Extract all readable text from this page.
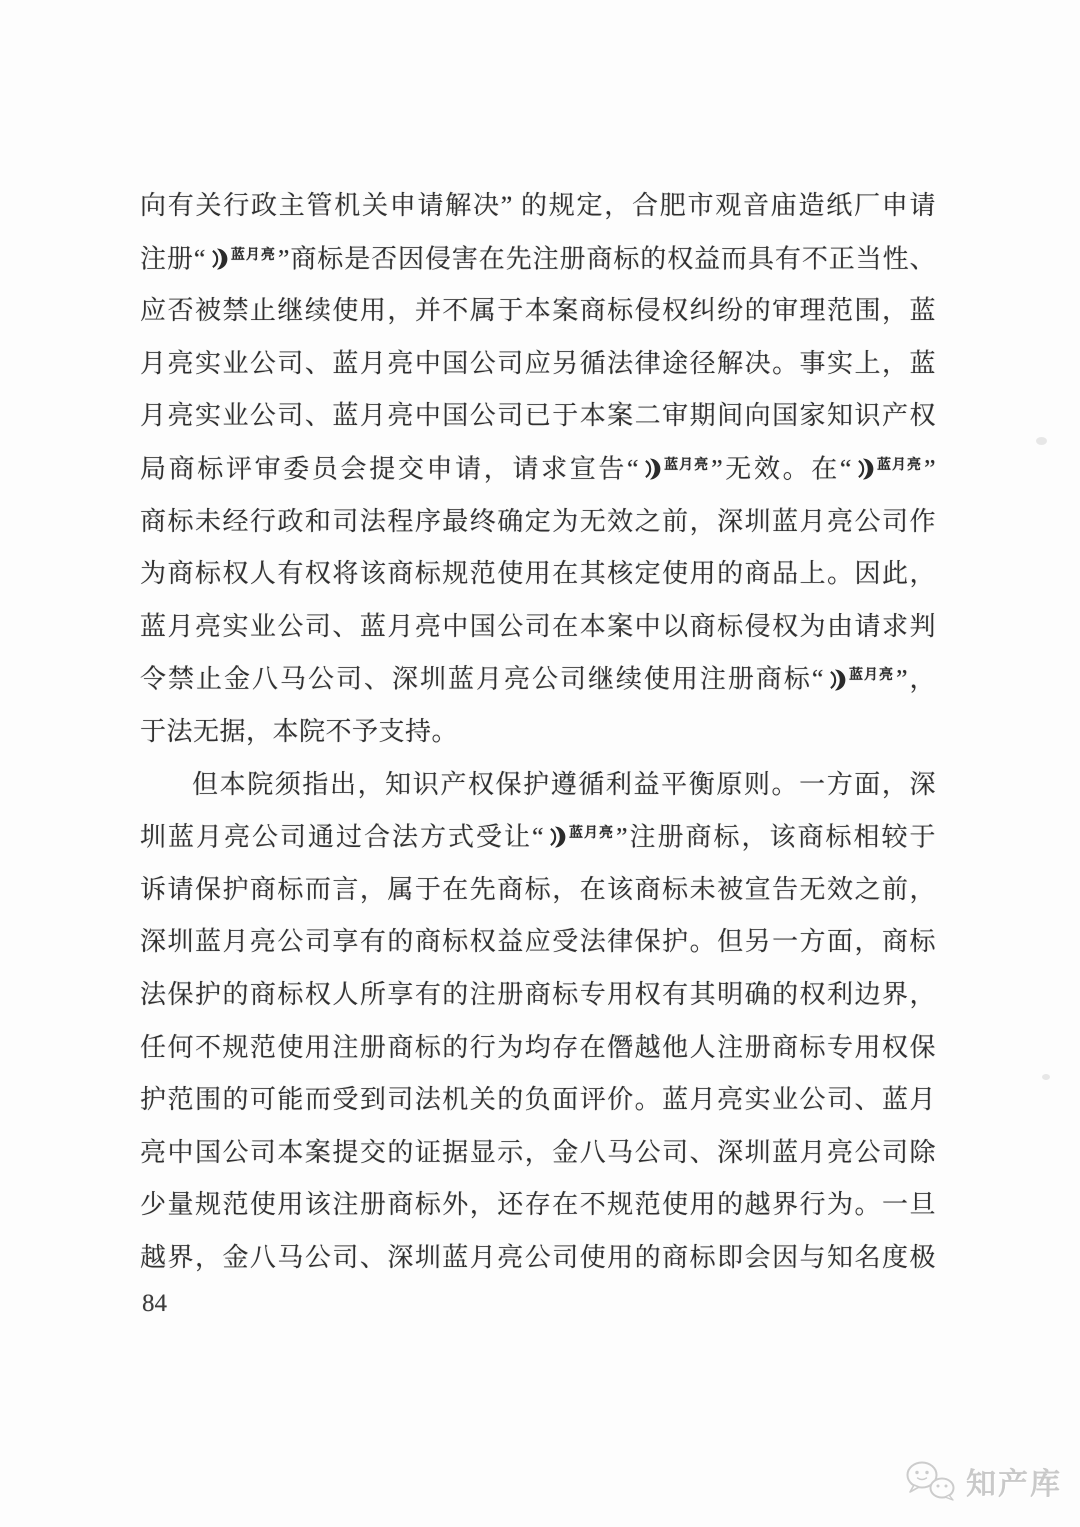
向有关行政主管机关申请解决” 的规定，合肥市观音庙造纸厂申请
注册“ 蓝月亮 ”商标是否因侵害在先注册商标的权益而具有不正当性、
应否被禁止继续使用，并不属于本案商标侵权纠纷的审理范围，蓝
月亮实业公司、蓝月亮中国公司应另循法律途径解决。事实上，蓝
月亮实业公司、蓝月亮中国公司已于本案二审期间向国家知识产权
局商标评审委员会提交申请，请求宣告“ 蓝月亮 ”无效。在“ 蓝月亮 ”
商标未经行政和司法程序最终确定为无效之前，深圳蓝月亮公司作
为商标权人有权将该商标规范使用在其核定使用的商品上。因此，
蓝月亮实业公司、蓝月亮中国公司在本案中以商标侵权为由请求判
令禁止金八马公司、深圳蓝月亮公司继续使用注册商标“ 蓝月亮 ”，
于法无据，本院不予支持。
但本院须指出，知识产权保护遵循利益平衡原则。一方面，深
圳蓝月亮公司通过合法方式受让“ 蓝月亮 ”注册商标，该商标相较于
诉请保护商标而言，属于在先商标，在该商标未被宣告无效之前，
深圳蓝月亮公司享有的商标权益应受法律保护。但另一方面，商标
法保护的商标权人所享有的注册商标专用权有其明确的权利边界，
任何不规范使用注册商标的行为均存在僭越他人注册商标专用权保
护范围的可能而受到司法机关的负面评价。蓝月亮实业公司、蓝月
亮中国公司本案提交的证据显示，金八马公司、深圳蓝月亮公司除
少量规范使用该注册商标外，还存在不规范使用的越界行为。一旦
越界，金八马公司、深圳蓝月亮公司使用的商标即会因与知名度极
84
知产库
